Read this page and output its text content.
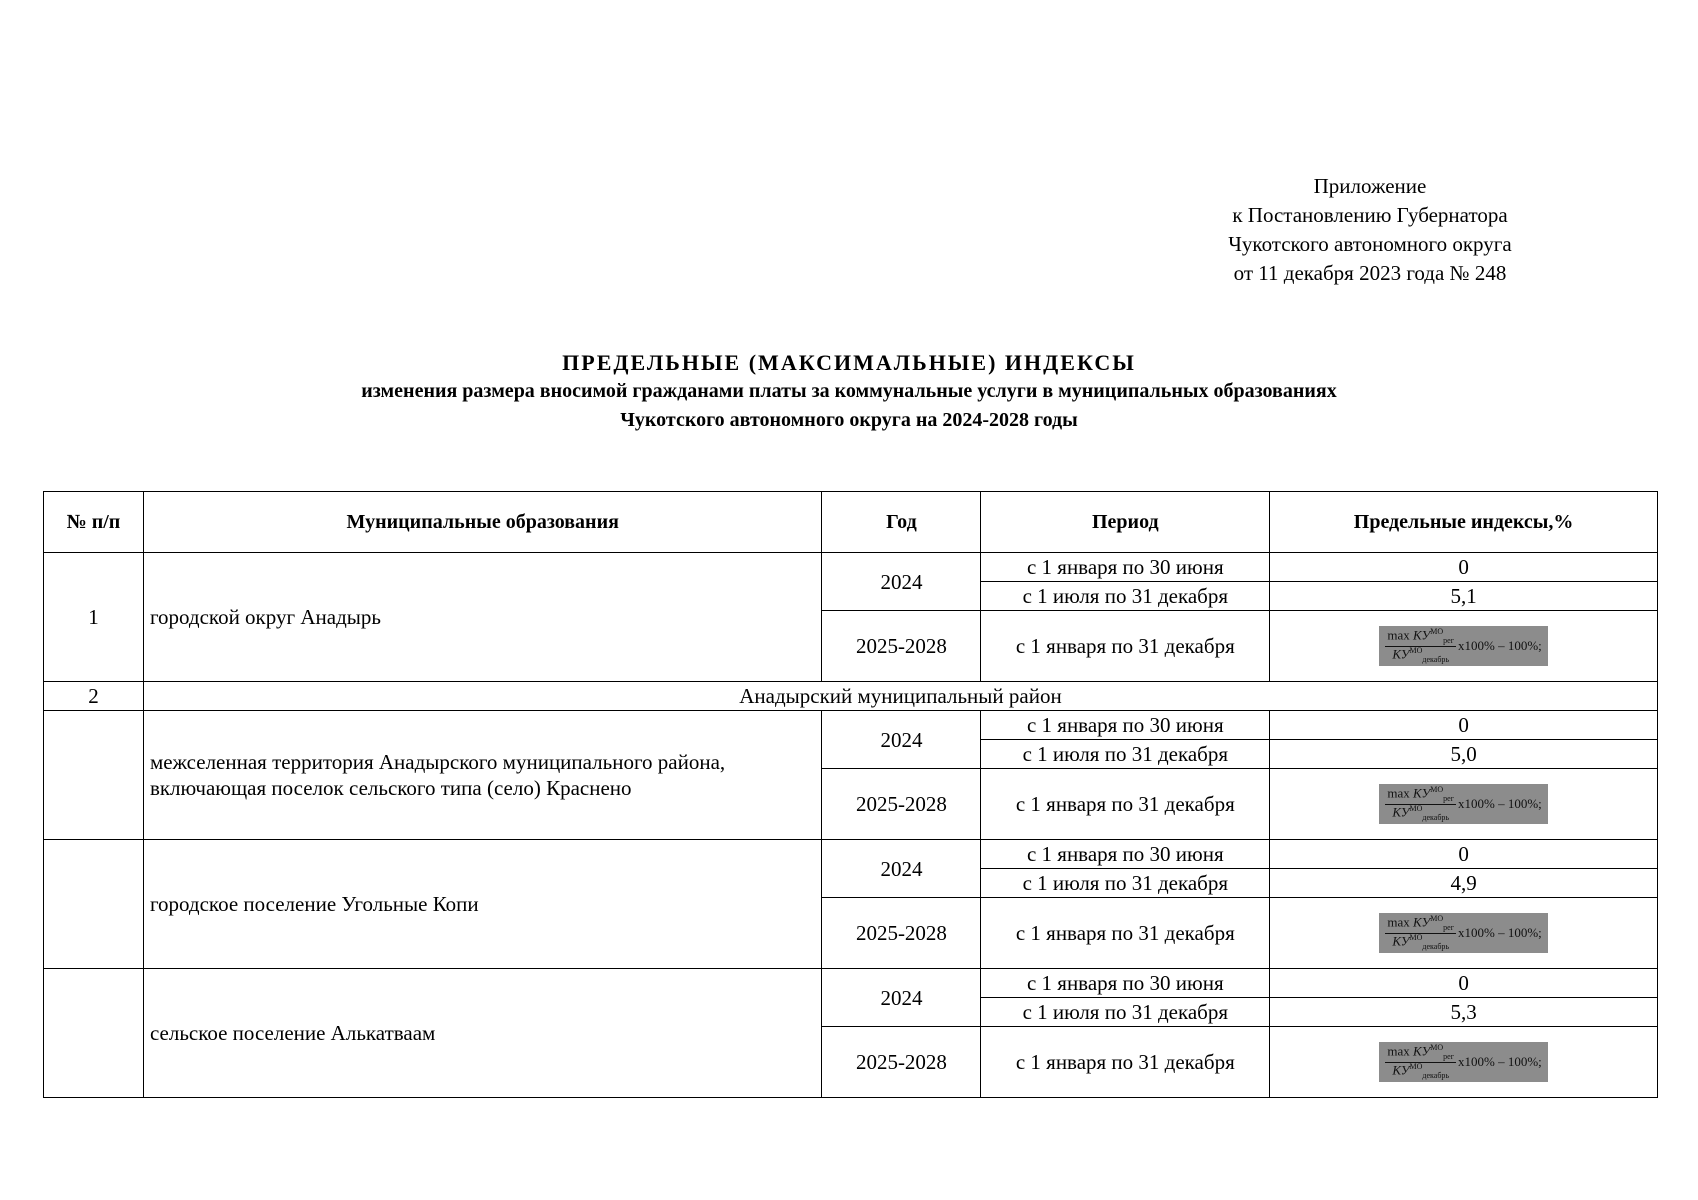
Приложение
к Постановлению Губернатора
Чукотского автономного округа
от 11 декабря 2023 года № 248
ПРЕДЕЛЬНЫЕ (МАКСИМАЛЬНЫЕ) ИНДЕКСЫ
изменения размера вносимой гражданами платы за коммунальные услуги в муниципальных образованиях
Чукотского автономного округа на 2024-2028 годы
№ п/п	Муниципальные образования	Год	Период	Предельные индексы,%
1	городской округ Анадырь	2024	с 1 января по 30 июня	0
			с 1 июля по 31 декабря	5,1
		2025-2028	с 1 января по 31 декабря	$\frac{\max КУ^{МО}_{рег}}{КУ^{МО}_{декабрь}} x100\% - 100\%$;
2	Анадырский муниципальный район			
	межселенная территория Анадырского муниципального района, включающая поселок сельского типа (село) Краснено	2024	с 1 января по 30 июня	0
			с 1 июля по 31 декабря	5,0
		2025-2028	с 1 января по 31 декабря	$\frac{\max КУ^{МО}_{рег}}{КУ^{МО}_{декабрь}} x100\% - 100\%$;
	городское поселение Угольные Копи	2024	с 1 января по 30 июня	0
			с 1 июля по 31 декабря	4,9
		2025-2028	с 1 января по 31 декабря	$\frac{\max КУ^{МО}_{рег}}{КУ^{МО}_{декабрь}} x100\% - 100\%$;
	сельское поселение Алькатваам	2024	с 1 января по 30 июня	0
			с 1 июля по 31 декабря	5,3
		2025-2028	с 1 января по 31 декабря	$\frac{\max КУ^{МО}_{рег}}{КУ^{МО}_{декабрь}} x100\% - 100\%$;
